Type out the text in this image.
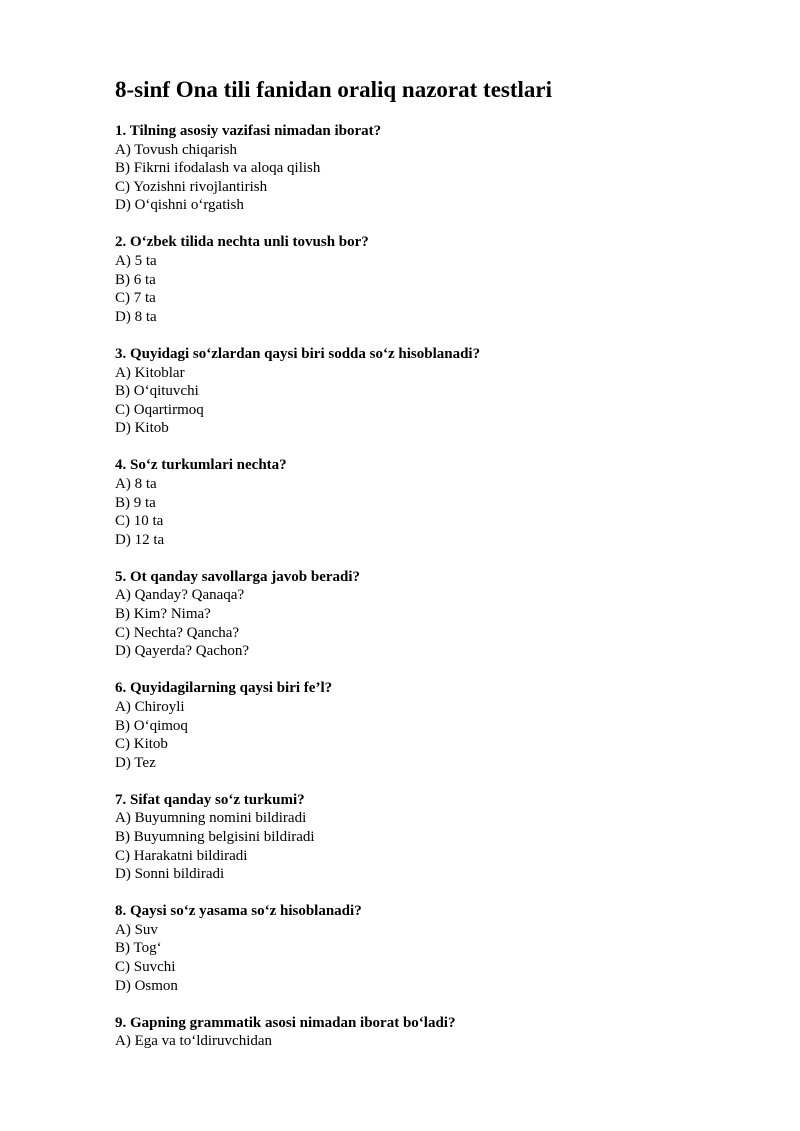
8-sinf Ona tili fanidan oraliq nazorat testlari
1. Tilning asosiy vazifasi nimadan iborat?
A) Tovush chiqarish
B) Fikrni ifodalash va aloqa qilish
C) Yozishni rivojlantirish
D) O‘qishni o‘rgatish
2. O‘zbek tilida nechta unli tovush bor?
A) 5 ta
B) 6 ta
C) 7 ta
D) 8 ta
3. Quyidagi so‘zlardan qaysi biri sodda so‘z hisoblanadi?
A) Kitoblar
B) O‘qituvchi
C) Oqartirmoq
D) Kitob
4. So‘z turkumlari nechta?
A) 8 ta
B) 9 ta
C) 10 ta
D) 12 ta
5. Ot qanday savollarga javob beradi?
A) Qanday? Qanaqa?
B) Kim? Nima?
C) Nechta? Qancha?
D) Qayerda? Qachon?
6. Quyidagilarning qaysi biri fe’l?
A) Chiroyli
B) O‘qimoq
C) Kitob
D) Tez
7. Sifat qanday so‘z turkumi?
A) Buyumning nomini bildiradi
B) Buyumning belgisini bildiradi
C) Harakatni bildiradi
D) Sonni bildiradi
8. Qaysi so‘z yasama so‘z hisoblanadi?
A) Suv
B) Tog‘
C) Suvchi
D) Osmon
9. Gapning grammatik asosi nimadan iborat bo‘ladi?
A) Ega va to‘ldiruvchidan
